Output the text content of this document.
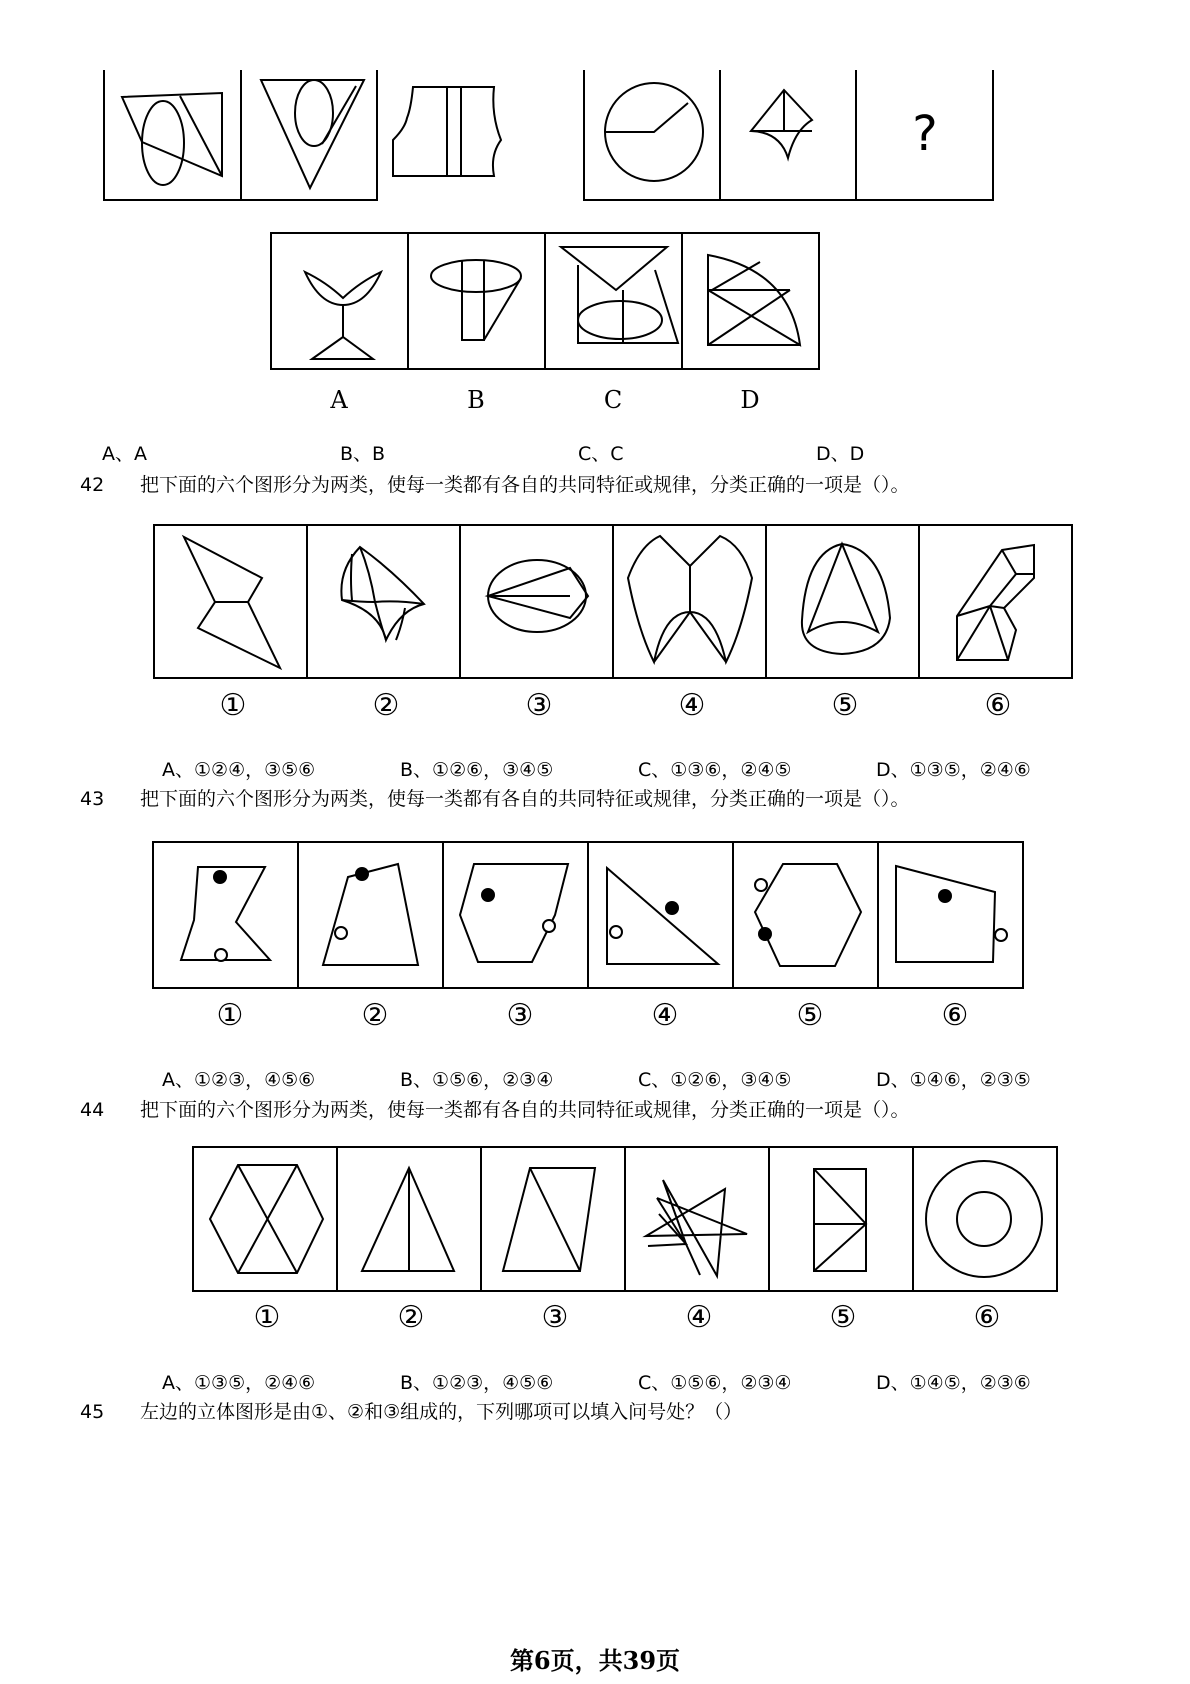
?
A	B	C	D
A、A	B、B	C、C	D、D
42 把下面的六个图形分为两类，使每一类都有各自的共同特征或规律，分类正确的一项是（）。
①	②	③	④	⑤	⑥
A、①②④，③⑤⑥	B、①②⑥，③④⑤	C、①③⑥，②④⑤	D、①③⑤，②④⑥
43 把下面的六个图形分为两类，使每一类都有各自的共同特征或规律，分类正确的一项是（）。
①	②	③	④	⑤	⑥
A、①②③，④⑤⑥	B、①⑤⑥，②③④	C、①②⑥，③④⑤	D、①④⑥，②③⑤
44 把下面的六个图形分为两类，使每一类都有各自的共同特征或规律，分类正确的一项是（）。
①	②	③	④	⑤	⑥
A、①③⑤，②④⑥	B、①②③，④⑤⑥	C、①⑤⑥，②③④	D、①④⑤，②③⑥
45 左边的立体图形是由①、②和③组成的，下列哪项可以填入问号处？（）
第6页，共39页
